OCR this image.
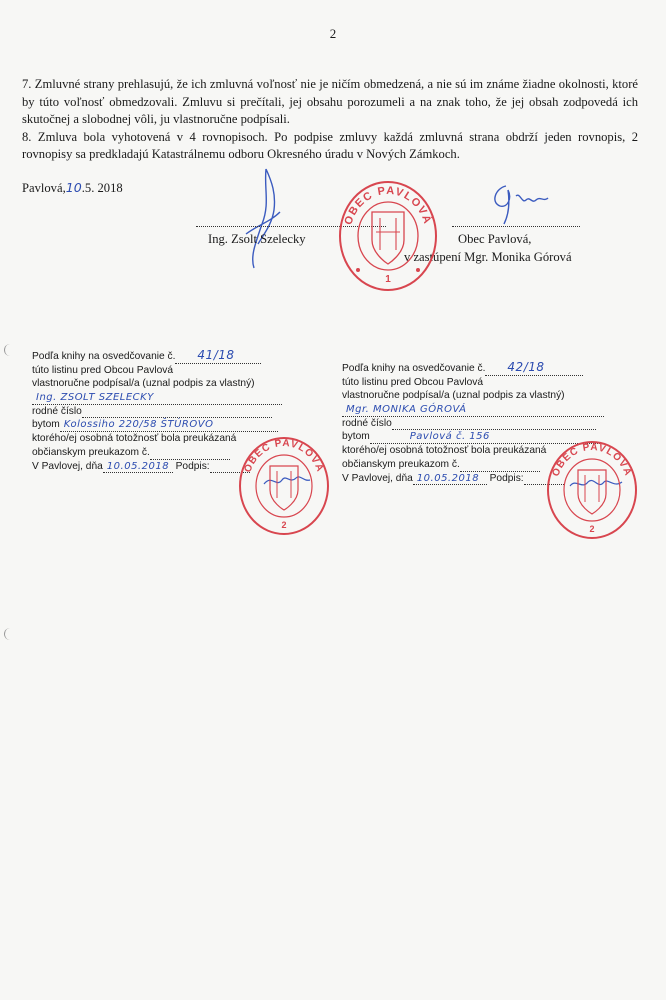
2

7. Zmluvné strany prehlasujú, že ich zmluvná voľnosť nie je ničím obmedzená, a nie sú im známe žiadne okolnosti, ktoré by túto voľnosť obmedzovali. Zmluvu si prečítali, jej obsahu porozumeli a na znak toho, že jej obsah zodpovedá ich skutočnej a slobodnej vôli, ju vlastnoručne podpísali.

8. Zmluva bola vyhotovená v 4 rovnopisoch. Po podpise zmluvy každá zmluvná strana obdrží jeden rovnopis, 2 rovnopisy sa predkladajú Katastrálnemu odboru Okresného úradu v Nových Zámkoch.

Pavlová,10.5. 2018
Ing. Zsolt Szelecky	Obec Pavlová,
v zastúpení Mgr. Monika Górová
OBEC PAVLOVÁ
1
Podľa knihy na osvedčovanie č. 41/18
túto listinu pred Obcou Pavlová
vlastnoručne podpísal/a (uznal podpis za vlastný)
Ing. ZSOLT SZELECKY
rodné číslo
bytom Kolossiho 220/58 ŠTÚROVO
ktorého/ej osobná totožnosť bola preukázaná
občianskym preukazom č.
V Pavlovej, dňa 10.05.2018 Podpis:
Podľa knihy na osvedčovanie č. 42/18
túto listinu pred Obcou Pavlová
vlastnoručne podpísal/a (uznal podpis za vlastný)
Mgr. MONIKA GÓROVÁ
rodné číslo
bytom	Pavlová č. 156
ktorého/ej osobná totožnosť bola preukázaná
občianskym preukazom č.
V Pavlovej, dňa 10.05.2018 Podpis:
OBEC PAVLOVÁ
2
OBEC PAVLOVÁ
2
